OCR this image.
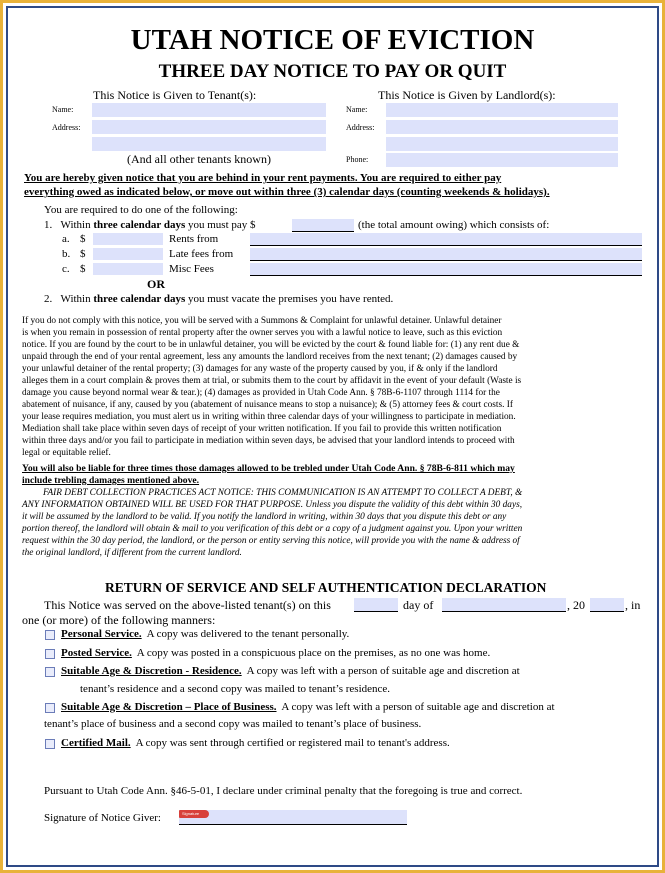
UTAH NOTICE OF EVICTION
THREE DAY NOTICE TO PAY OR QUIT
This Notice is Given to Tenant(s):
Name:
Address:
(And all other tenants known)
This Notice is Given by Landlord(s):
Name:
Address:
Phone:
You are hereby given notice that you are behind in your rent payments. You are required to either pay
everything owed as indicated below, or move out within three (3) calendar days (counting weekends & holidays).
You are required to do one of the following:
1. Within three calendar days you must pay $	(the total amount owing) which consists of:
a. $	Rents from
b. $	Late fees from
c. $	Misc Fees
OR
2. Within three calendar days you must vacate the premises you have rented.
If you do not comply with this notice, you will be served with a Summons & Complaint for unlawful detainer. Unlawful detainer
is when you remain in possession of rental property after the owner serves you with a lawful notice to leave, such as this eviction
notice. If you are found by the court to be in unlawful detainer, you will be evicted by the court & found liable for: (1) any rent due &
unpaid through the end of your rental agreement, less any amounts the landlord receives from the next tenant; (2) damages caused by
your unlawful detainer of the rental property; (3) damages for any waste of the property caused by you, if & only if the landlord
alleges them in a court complain & proves them at trial, or submits them to the court by affidavit in the event of your default (Waste is
damage you cause beyond normal wear & tear.); (4) damages as provided in Utah Code Ann. § 78B-6-1107 through 1114 for the
abatement of nuisance, if any, caused by you (abatement of nuisance means to stop a nuisance); & (5) attorney fees & court costs. If
your lease requires mediation, you must alert us in writing within three calendar days of your willingness to participate in mediation.
Mediation shall take place within seven days of receipt of your written notification. If you fail to provide this written notification
within three days and/or you fail to participate in mediation within seven days, be advised that your landlord intends to proceed with
legal or equitable relief.
You will also be liable for three times those damages allowed to be trebled under Utah Code Ann. § 78B-6-811 which may
include trebling damages mentioned above.
FAIR DEBT COLLECTION PRACTICES ACT NOTICE: THIS COMMUNICATION IS AN ATTEMPT TO COLLECT A DEBT, &
ANY INFORMATION OBTAINED WILL BE USED FOR THAT PURPOSE. Unless you dispute the validity of this debt within 30 days,
it will be assumed by the landlord to be valid. If you notify the landlord in writing, within 30 days that you dispute this debt or any
portion thereof, the landlord will obtain & mail to you verification of this debt or a copy of a judgment against you. Upon your written
request within the 30 day period, the landlord, or the person or entity serving this notice, will provide you with the name & address of
the original landlord, if different from the current landlord.
RETURN OF SERVICE AND SELF AUTHENTICATION DECLARATION
This Notice was served on the above-listed tenant(s) on this	day of	, 20	, in
one (or more) of the following manners:
Personal Service. A copy was delivered to the tenant personally.
Posted Service. A copy was posted in a conspicuous place on the premises, as no one was home.
Suitable Age & Discretion - Residence. A copy was left with a person of suitable age and discretion at
tenant’s residence and a second copy was mailed to tenant’s residence.
Suitable Age & Discretion – Place of Business. A copy was left with a person of suitable age and discretion at
tenant’s place of business and a second copy was mailed to tenant’s place of business.
Certified Mail. A copy was sent through certified or registered mail to tenant's address.
Pursuant to Utah Code Ann. §46-5-01, I declare under criminal penalty that the foregoing is true and correct.
Signature of Notice Giver:	Signature
